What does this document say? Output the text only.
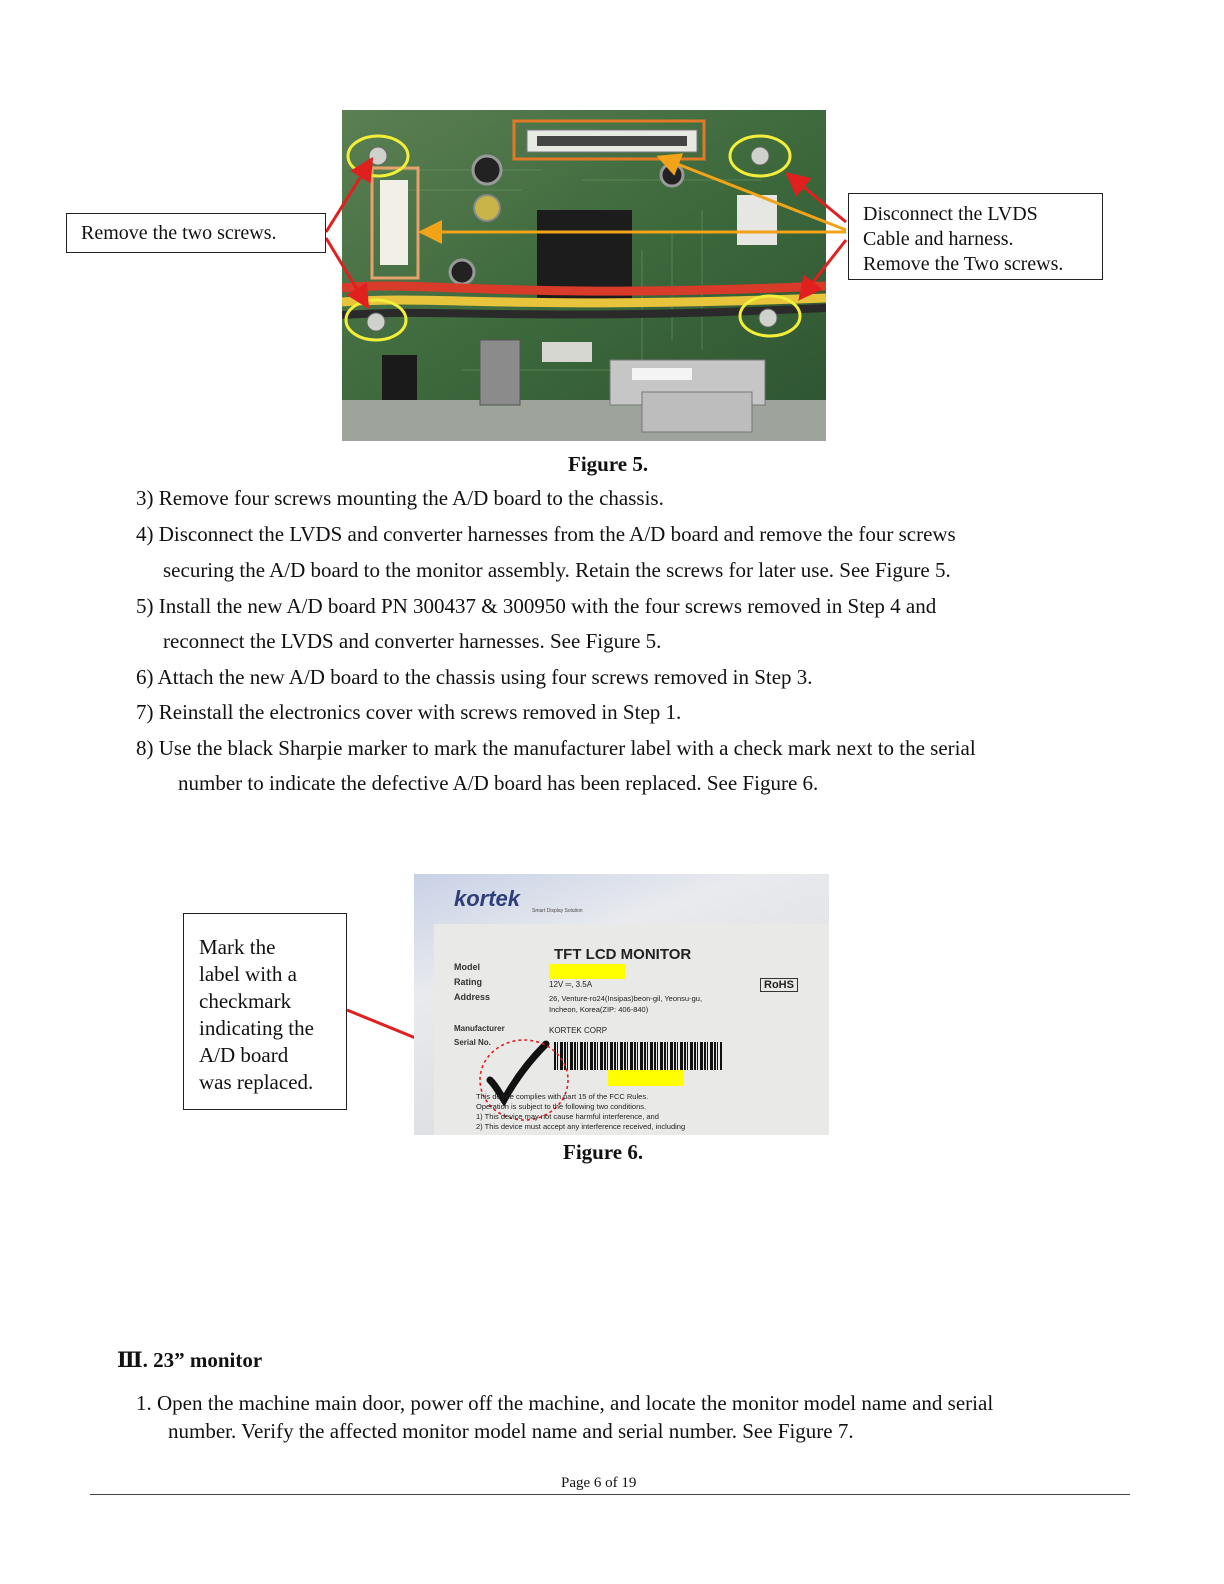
Remove the two screws.
Disconnect the LVDS
Cable and harness.
Remove the Two screws.
Figure 5.
3) Remove four screws mounting the A/D board to the chassis.
4) Disconnect the LVDS and converter harnesses from the A/D board and remove the four screws
securing the A/D board to the monitor assembly. Retain the screws for later use. See Figure 5.
5) Install the new A/D board PN 300437 & 300950 with the four screws removed in Step 4 and
reconnect the LVDS and converter harnesses. See Figure 5.
6) Attach the new A/D board to the chassis using four screws removed in Step 3.
7) Reinstall the electronics cover with screws removed in Step 1.
8) Use the black Sharpie marker to mark the manufacturer label with a check mark next to the serial
number to indicate the defective A/D board has been replaced. See Figure 6.
kortek Smart Display Solution
TFT LCD MONITOR
Model
Rating	12V ═, 3.5A	RoHS
Address	26, Venture-ro24(Insipas)beon-gil, Yeonsu-gu,
Incheon, Korea(ZIP: 406-840)
Manufacturer	KORTEK CORP
Serial No.
This device complies with part 15 of the FCC Rules.
Operation is subject to the following two conditions.
1) This device may not cause harmful interference, and
2) This device must accept any interference received, including
Mark the
label with a
checkmark
indicating the
A/D board
was replaced.
Figure 6.
Ⅲ. 23” monitor
1. Open the machine main door, power off the machine, and locate the monitor model name and serial
number. Verify the affected monitor model name and serial number. See Figure 7.
Page 6 of 19
